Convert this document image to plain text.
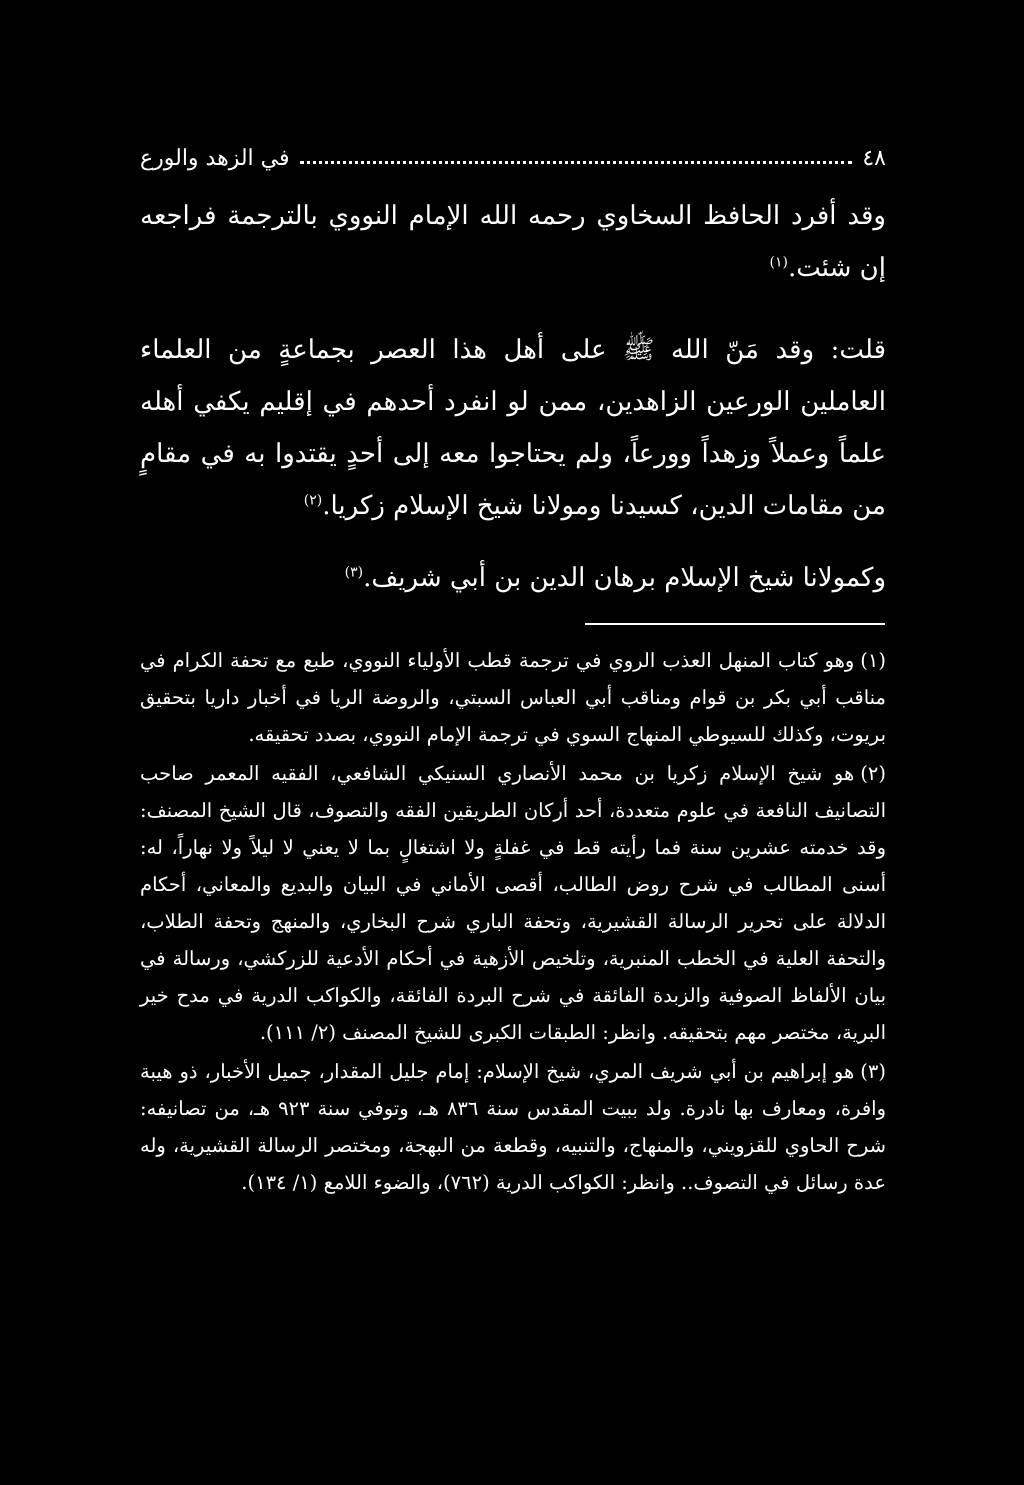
٤٨
في الزهد والورع

وقد أفرد الحافظ السخاوي رحمه الله الإمام النووي بالترجمة فراجعه إن شئت.$^{(١)}$

قلت: وقد مَنّ الله ﷺ على أهل هذا العصر بجماعةٍ من العلماء العاملين الورعين الزاهدين، ممن لو انفرد أحدهم في إقليم يكفي أهله علماً وعملاً وزهداً وورعاً، ولم يحتاجوا معه إلى أحدٍ يقتدوا به في مقامٍ من مقامات الدين، كسيدنا ومولانا شيخ الإسلام زكريا.$^{(٢)}$

وكمولانا شيخ الإسلام برهان الدين بن أبي شريف.$^{(٣)}$

(١)وهو كتاب المنهل العذب الروي في ترجمة قطب الأولياء النووي، طبع مع تحفة الكرام في مناقب أبي بكر بن قوام ومناقب أبي العباس السبتي، والروضة الريا في أخبار داريا بتحقيق بريوت، وكذلك للسيوطي المنهاج السوي في ترجمة الإمام النووي، بصدد تحقيقه.

(٢)هو شيخ الإسلام زكريا بن محمد الأنصاري السنيكي الشافعي، الفقيه المعمر صاحب التصانيف النافعة في علوم متعددة، أحد أركان الطريقين الفقه والتصوف، قال الشيخ المصنف: وقد خدمته عشرين سنة فما رأيته قط في غفلةٍ ولا اشتغالٍ بما لا يعني لا ليلاً ولا نهاراً، له: أسنى المطالب في شرح روض الطالب، أقصى الأماني في البيان والبديع والمعاني، أحكام الدلالة على تحرير الرسالة القشيرية، وتحفة الباري شرح البخاري، والمنهج وتحفة الطلاب، والتحفة العلية في الخطب المنبرية، وتلخيص الأزهية في أحكام الأدعية للزركشي، ورسالة في بيان الألفاظ الصوفية والزبدة الفائقة في شرح البردة الفائقة، والكواكب الدرية في مدح خير البرية، مختصر مهم بتحقيقه. وانظر: الطبقات الكبرى للشيخ المصنف (٢/ ١١١).

(٣)هو إبراهيم بن أبي شريف المري، شيخ الإسلام: إمام جليل المقدار، جميل الأخبار، ذو هيبة وافرة، ومعارف بها نادرة. ولد ببيت المقدس سنة ٨٣٦ هـ، وتوفي سنة ٩٢٣ هـ، من تصانيفه: شرح الحاوي للقزويني، والمنهاج، والتنبيه، وقطعة من البهجة، ومختصر الرسالة القشيرية، وله عدة رسائل في التصوف.. وانظر: الكواكب الدرية (٧٦٢)، والضوء اللامع (١/ ١٣٤).
